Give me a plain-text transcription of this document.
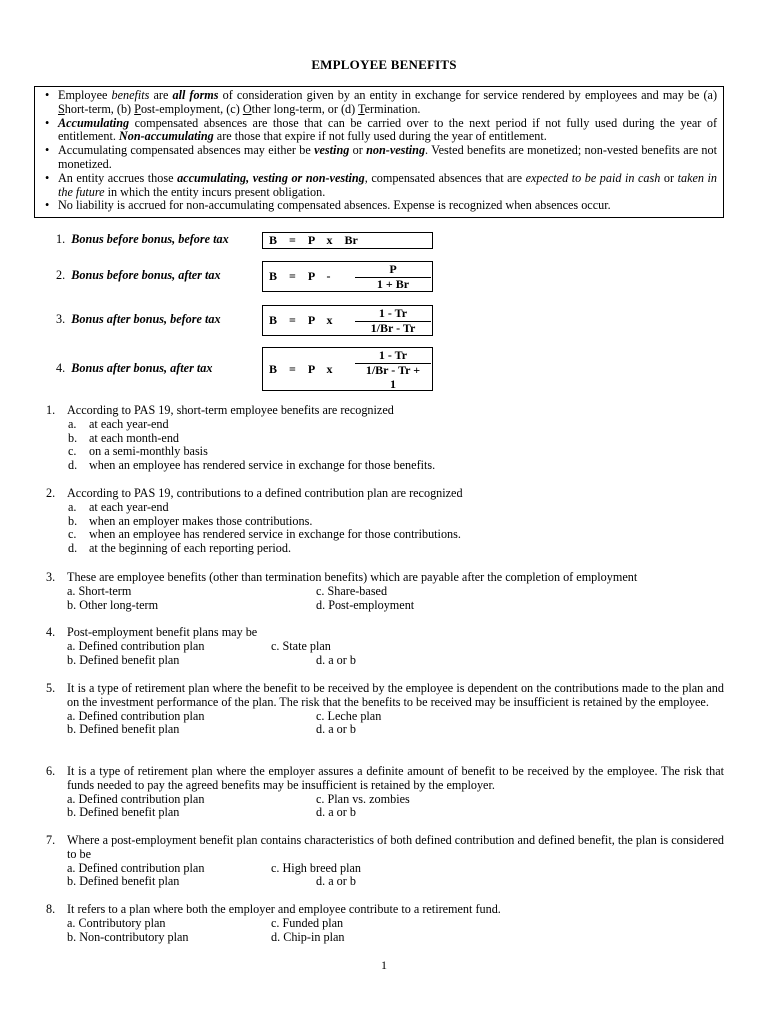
EMPLOYEE BENEFITS
• Employee benefits are all forms of consideration given by an entity in exchange for service rendered by employees and may be (a) Short-term, (b) Post-employment, (c) Other long-term, or (d) Termination.
• Accumulating compensated absences are those that can be carried over to the next period if not fully used during the year of entitlement. Non-accumulating are those that expire if not fully used during the year of entitlement.
• Accumulating compensated absences may either be vesting or non-vesting. Vested benefits are monetized; non-vested benefits are not monetized.
• An entity accrues those accumulating, vesting or non-vesting, compensated absences that are expected to be paid in cash or taken in the future in which the entity incurs present obligation.
• No liability is accrued for non-accumulating compensated absences. Expense is recognized when absences occur.
1. Bonus before bonus, before tax	B    =    P    x    Br
2. Bonus before bonus, after tax	B    =    P    - $\frac{P}{1 + Br}$
3. Bonus after bonus, before tax	B    =    P    x $\frac{1 - Tr}{1/Br - Tr}$
4. Bonus after bonus, after tax	B    =    P    x
1 - Tr
1/Br - Tr +
1
1. According to PAS 19, short-term employee benefits are recognized
a. at each year-end
b. at each month-end
c. on a semi-monthly basis
d. when an employee has rendered service in exchange for those benefits.
2. According to PAS 19, contributions to a defined contribution plan are recognized
a. at each year-end
b. when an employer makes those contributions.
c. when an employee has rendered service in exchange for those contributions.
d. at the beginning of each reporting period.
3. These are employee benefits (other than termination benefits) which are payable after the completion of employment
a. Short-term	c. Share-based
b. Other long-term	d. Post-employment
4. Post-employment benefit plans may be
a. Defined contribution plan	c. State plan
b. Defined benefit plan	d. a or b
5. It is a type of retirement plan where the benefit to be received by the employee is dependent on the contributions made to the plan and on the investment performance of the plan. The risk that the benefits to be received may be insufficient is retained by the employee.
a. Defined contribution plan	c. Leche plan
b. Defined benefit plan	d. a or b
6. It is a type of retirement plan where the employer assures a definite amount of benefit to be received by the employee. The risk that funds needed to pay the agreed benefits may be insufficient is retained by the employer.
a. Defined contribution plan	c. Plan vs. zombies
b. Defined benefit plan	d. a or b
7. Where a post-employment benefit plan contains characteristics of both defined contribution and defined benefit, the plan is considered to be
a. Defined contribution plan	c. High breed plan
b. Defined benefit plan	d. a or b
8. It refers to a plan where both the employer and employee contribute to a retirement fund.
a. Contributory plan	c. Funded plan
b. Non-contributory plan	d. Chip-in plan
1
